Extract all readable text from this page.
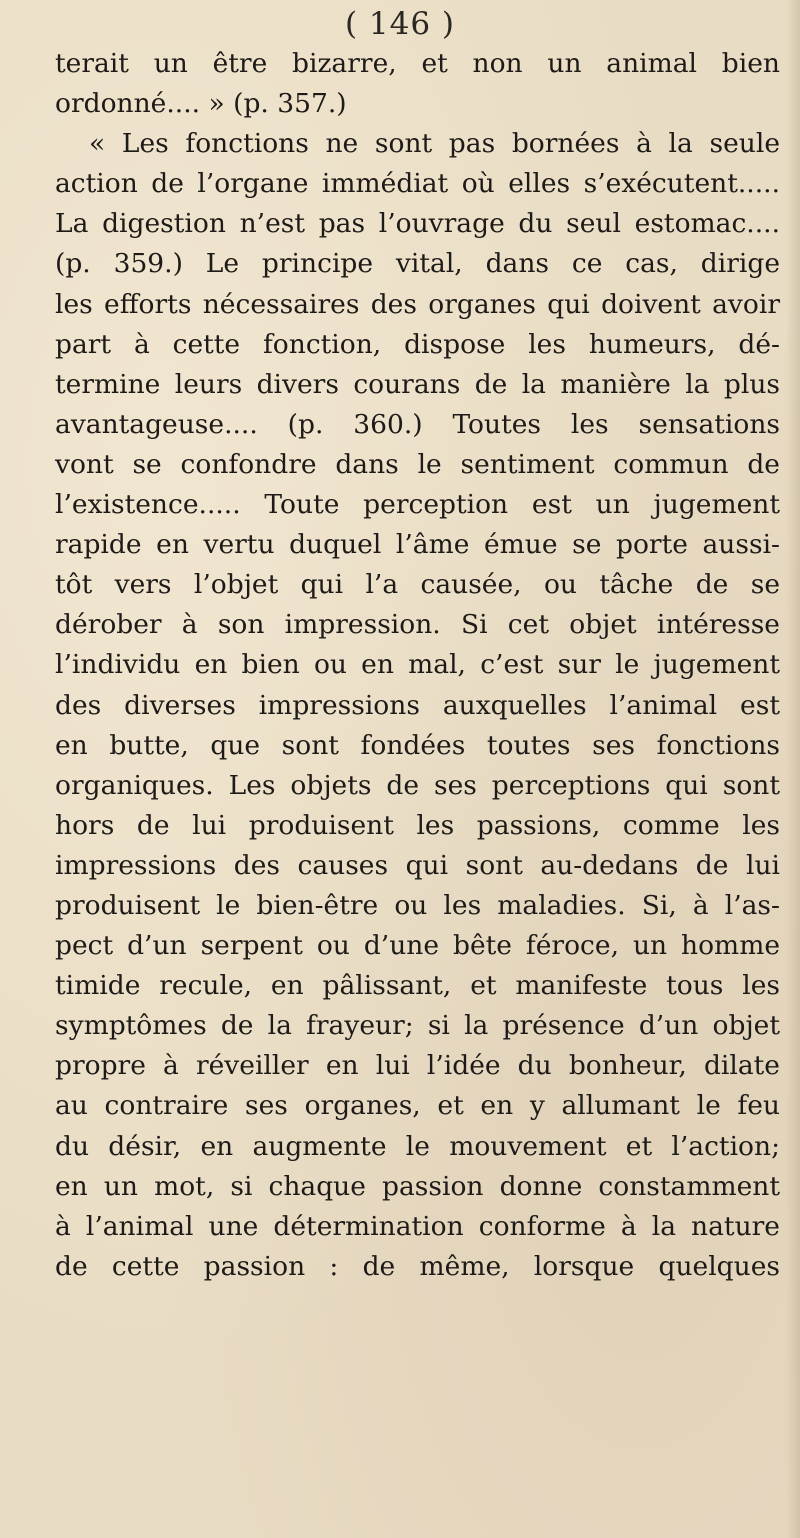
( 146 )
terait un être bizarre, et non un animal bien
ordonné.... » (p. 357.)
« Les fonctions ne sont pas bornées à la seule
action de l’organe immédiat où elles s’exécutent.....
La digestion n’est pas l’ouvrage du seul estomac....
(p. 359.) Le principe vital, dans ce cas, dirige
les efforts nécessaires des organes qui doivent avoir
part à cette fonction, dispose les humeurs, dé-
termine leurs divers courans de la manière la plus
avantageuse.... (p. 360.) Toutes les sensations
vont se confondre dans le sentiment commun de
l’existence..... Toute perception est un jugement
rapide en vertu duquel l’âme émue se porte aussi-
tôt vers l’objet qui l’a causée, ou tâche de se
dérober à son impression. Si cet objet intéresse
l’individu en bien ou en mal, c’est sur le jugement
des diverses impressions auxquelles l’animal est
en butte, que sont fondées toutes ses fonctions
organiques. Les objets de ses perceptions qui sont
hors de lui produisent les passions, comme les
impressions des causes qui sont au-dedans de lui
produisent le bien-être ou les maladies. Si, à l’as-
pect d’un serpent ou d’une bête féroce, un homme
timide recule, en pâlissant, et manifeste tous les
symptômes de la frayeur; si la présence d’un objet
propre à réveiller en lui l’idée du bonheur, dilate
au contraire ses organes, et en y allumant le feu
du désir, en augmente le mouvement et l’action;
en un mot, si chaque passion donne constamment
à l’animal une détermination conforme à la nature
de cette passion : de même, lorsque quelques
